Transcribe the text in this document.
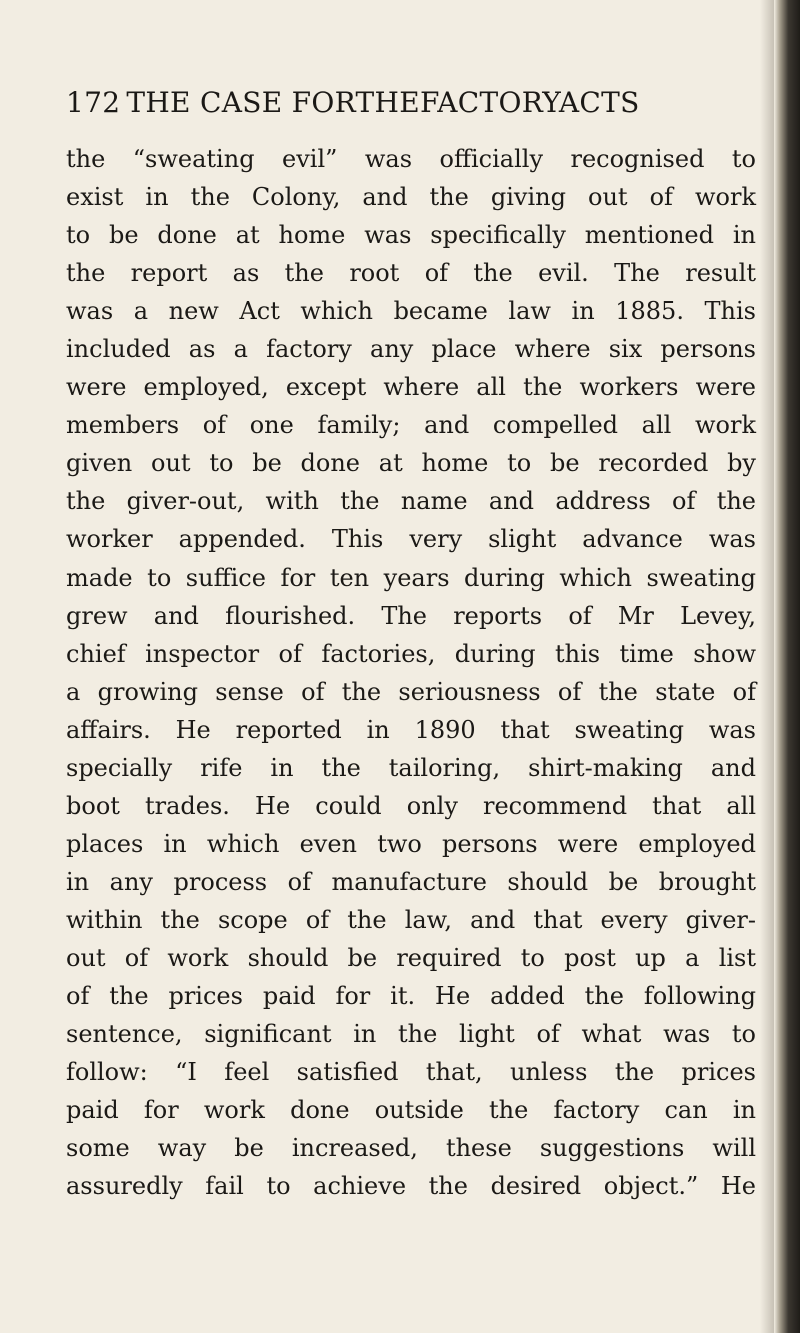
172 THE CASE FORTHEFACTORYACTS
the “sweating evil” was officially recognised to
exist in the Colony, and the giving out of work
to be done at home was specifically mentioned in
the report as the root of the evil. The result
was a new Act which became law in 1885. This
included as a factory any place where six persons
were employed, except where all the workers were
members of one family; and compelled all work
given out to be done at home to be recorded by
the giver-out, with the name and address of the
worker appended. This very slight advance was
made to suffice for ten years during which sweating
grew and flourished. The reports of Mr Levey,
chief inspector of factories, during this time show
a growing sense of the seriousness of the state of
affairs. He reported in 1890 that sweating was
specially rife in the tailoring, shirt-making and
boot trades. He could only recommend that all
places in which even two persons were employed
in any process of manufacture should be brought
within the scope of the law, and that every giver-
out of work should be required to post up a list
of the prices paid for it. He added the following
sentence, significant in the light of what was to
follow: “I feel satisfied that, unless the prices
paid for work done outside the factory can in
some way be increased, these suggestions will
assuredly fail to achieve the desired object.” He
